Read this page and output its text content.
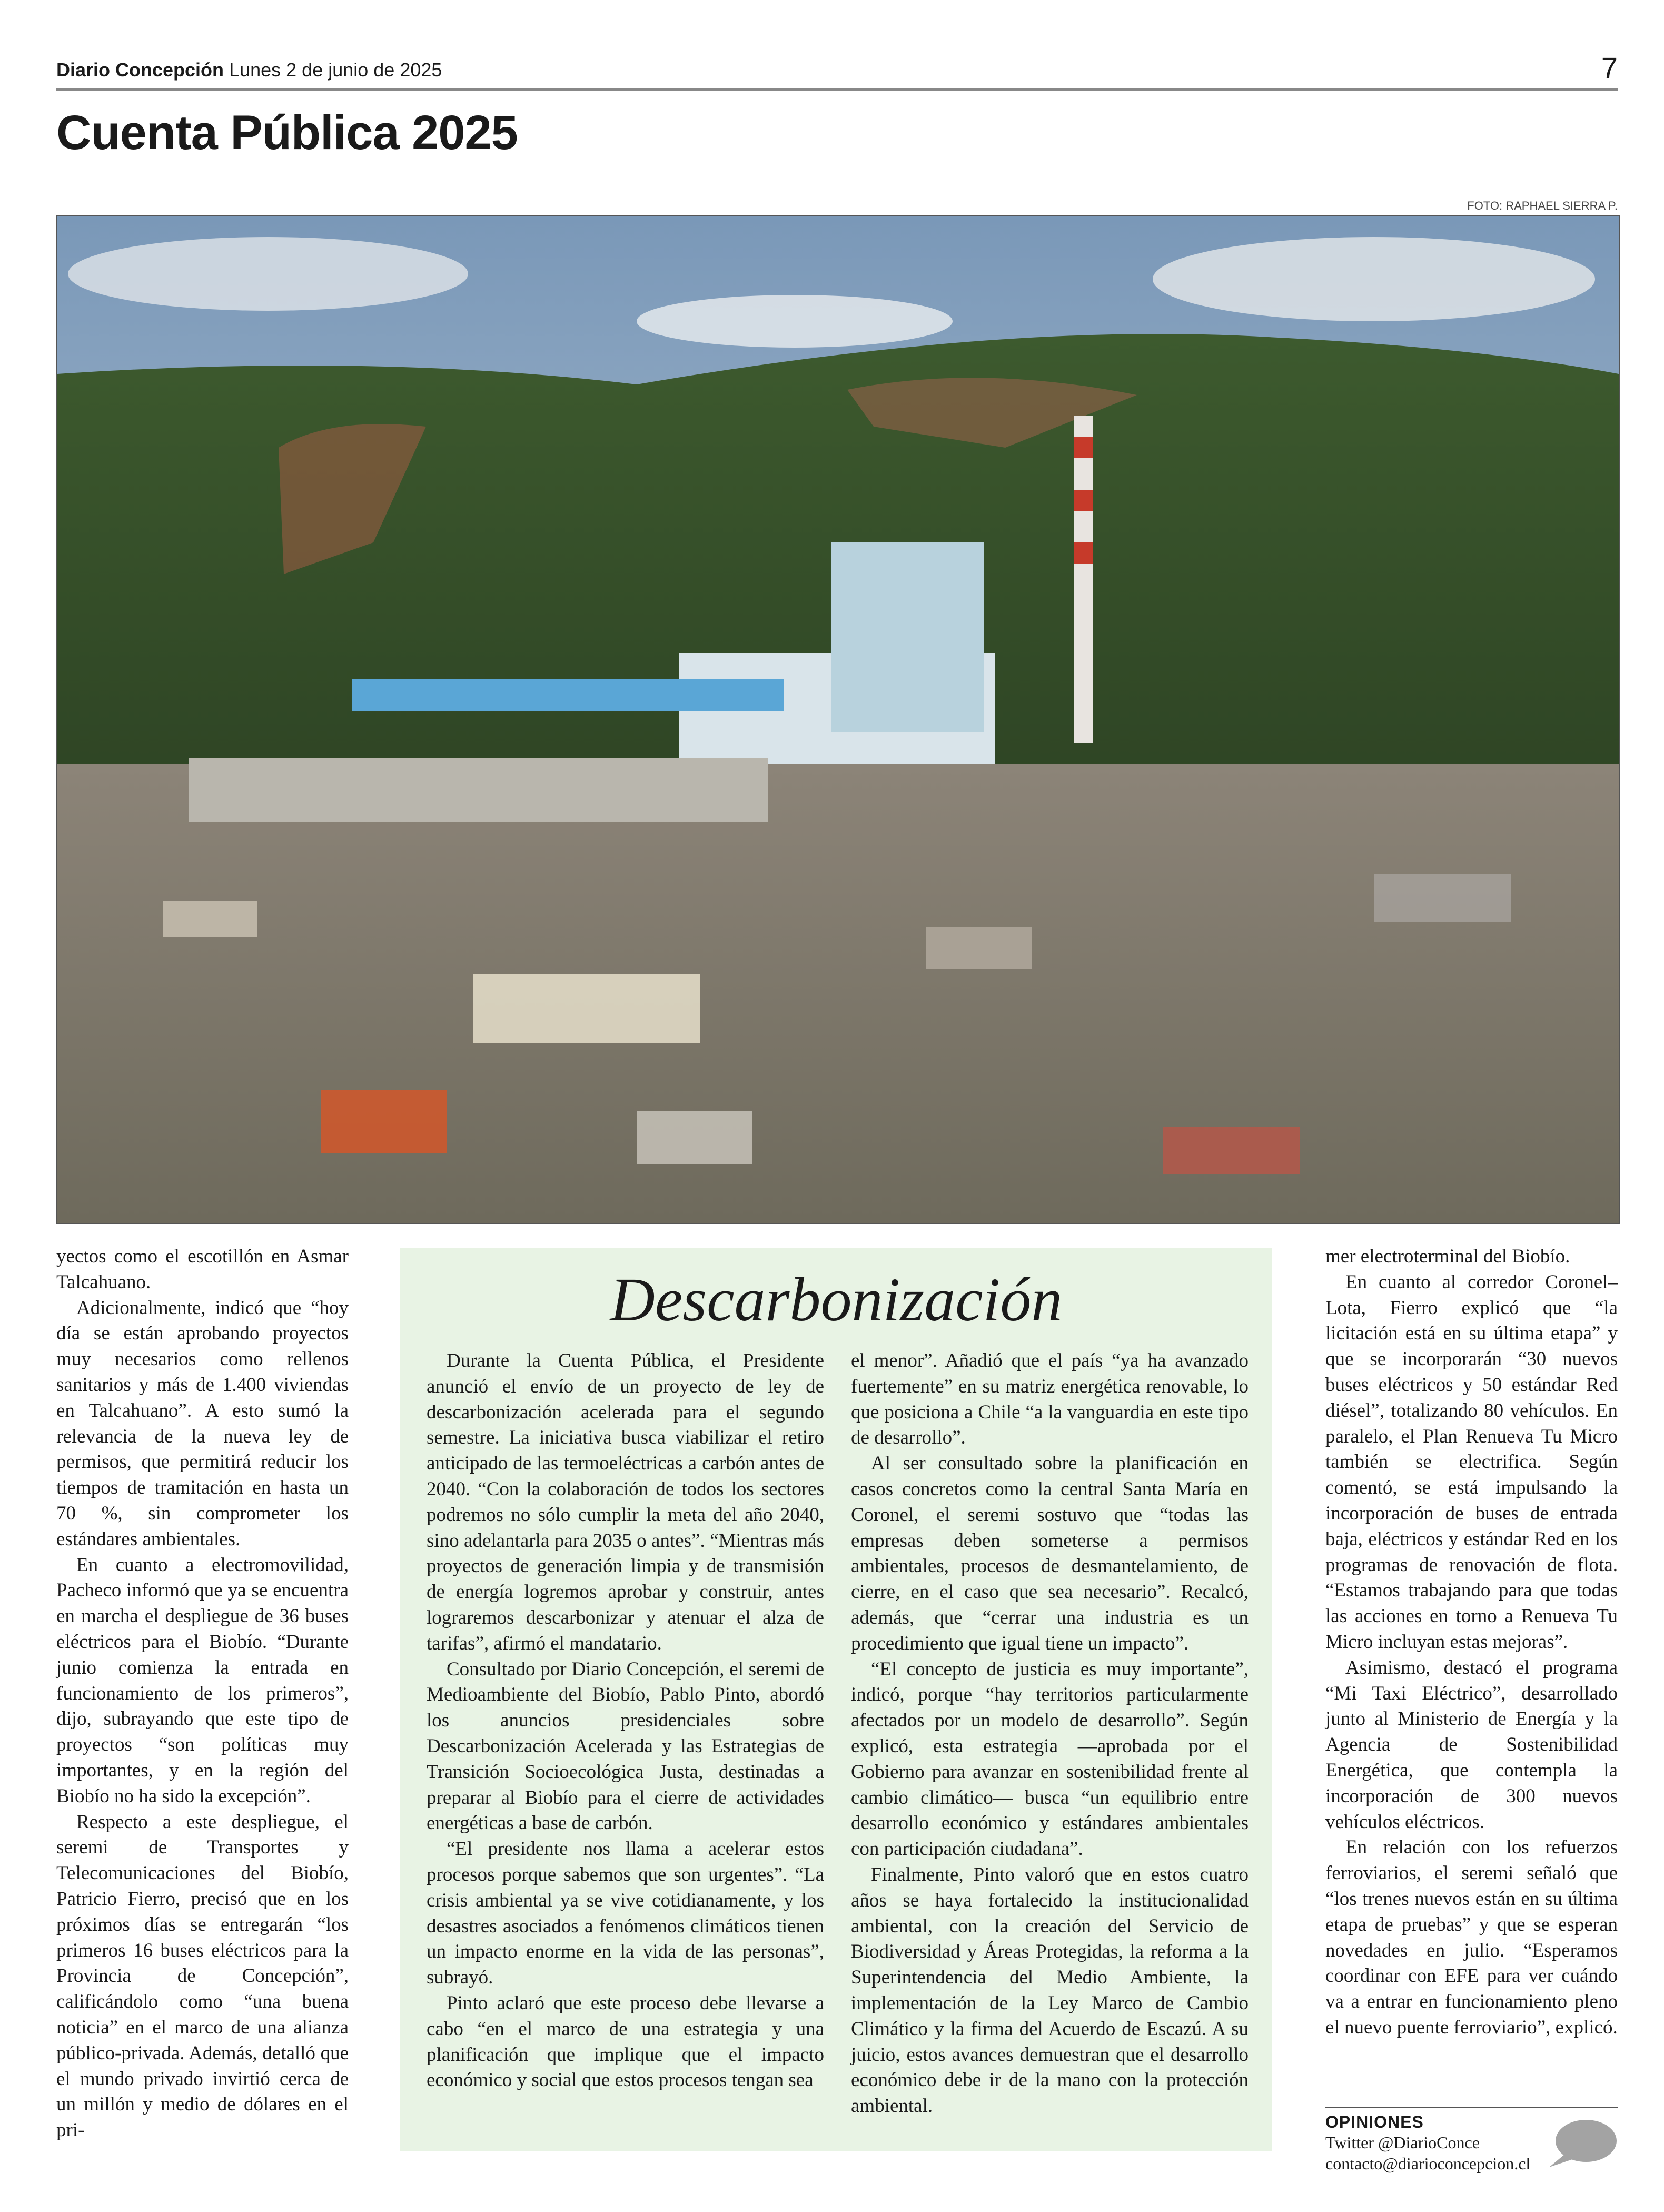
Diario Concepción Lunes 2 de junio de 2025	7
Cuenta Pública 2025
FOTO: RAPHAEL SIERRA P.

yectos como el escotillón en Asmar Talcahuano.

Adicionalmente, indicó que “hoy día se están aprobando proyectos muy necesarios como rellenos sanitarios y más de 1.400 viviendas en Talcahuano”. A esto sumó la relevancia de la nueva ley de permisos, que permitirá reducir los tiempos de tramitación en hasta un 70 %, sin comprometer los estándares ambientales.

En cuanto a electromovilidad, Pacheco informó que ya se encuentra en marcha el despliegue de 36 buses eléctricos para el Biobío. “Durante junio comienza la entrada en funcionamiento de los primeros”, dijo, subrayando que este tipo de proyectos “son políticas muy importantes, y en la región del Biobío no ha sido la excepción”.

Respecto a este despliegue, el seremi de Transportes y Telecomunicaciones del Biobío, Patricio Fierro, precisó que en los próximos días se entregarán “los primeros 16 buses eléctricos para la Provincia de Concepción”, calificándolo como “una buena noticia” en el marco de una alianza público-privada. Además, detalló que el mundo privado invirtió cerca de un millón y medio de dólares en el pri-

Descarbonización

Durante la Cuenta Pública, el Presidente anunció el envío de un proyecto de ley de descarbonización acelerada para el segundo semestre. La iniciativa busca viabilizar el retiro anticipado de las termoeléctricas a carbón antes de 2040. “Con la colaboración de todos los sectores podremos no sólo cumplir la meta del año 2040, sino adelantarla para 2035 o antes”. “Mientras más proyectos de generación limpia y de transmisión de energía logremos aprobar y construir, antes lograremos descarbonizar y atenuar el alza de tarifas”, afirmó el mandatario.

Consultado por Diario Concepción, el seremi de Medioambiente del Biobío, Pablo Pinto, abordó los anuncios presidenciales sobre Descarbonización Acelerada y las Estrategias de Transición Socioecológica Justa, destinadas a preparar al Biobío para el cierre de actividades energéticas a base de carbón.

“El presidente nos llama a acelerar estos procesos porque sabemos que son urgentes”. “La crisis ambiental ya se vive cotidianamente, y los desastres asociados a fenómenos climáticos tienen un impacto enorme en la vida de las personas”, subrayó.

Pinto aclaró que este proceso debe llevarse a cabo “en el marco de una estrategia y una planificación que implique que el impacto económico y social que estos procesos tengan sea

el menor”. Añadió que el país “ya ha avanzado fuertemente” en su matriz energética renovable, lo que posiciona a Chile “a la vanguardia en este tipo de desarrollo”.

Al ser consultado sobre la planificación en casos concretos como la central Santa María en Coronel, el seremi sostuvo que “todas las empresas deben someterse a permisos ambientales, procesos de desmantelamiento, de cierre, en el caso que sea necesario”. Recalcó, además, que “cerrar una industria es un procedimiento que igual tiene un impacto”.

“El concepto de justicia es muy importante”, indicó, porque “hay territorios particularmente afectados por un modelo de desarrollo”. Según explicó, esta estrategia —aprobada por el Gobierno para avanzar en sostenibilidad frente al cambio climático— busca “un equilibrio entre desarrollo económico y estándares ambientales con participación ciudadana”.

Finalmente, Pinto valoró que en estos cuatro años se haya fortalecido la institucionalidad ambiental, con la creación del Servicio de Biodiversidad y Áreas Protegidas, la reforma a la Superintendencia del Medio Ambiente, la implementación de la Ley Marco de Cambio Climático y la firma del Acuerdo de Escazú. A su juicio, estos avances demuestran que el desarrollo económico debe ir de la mano con la protección ambiental.

mer electroterminal del Biobío.

En cuanto al corredor Coronel–Lota, Fierro explicó que “la licitación está en su última etapa” y que se incorporarán “30 nuevos buses eléctricos y 50 estándar Red diésel”, totalizando 80 vehículos. En paralelo, el Plan Renueva Tu Micro también se electrifica. Según comentó, se está impulsando la incorporación de buses de entrada baja, eléctricos y estándar Red en los programas de renovación de flota. “Estamos trabajando para que todas las acciones en torno a Renueva Tu Micro incluyan estas mejoras”.

Asimismo, destacó el programa “Mi Taxi Eléctrico”, desarrollado junto al Ministerio de Energía y la Agencia de Sostenibilidad Energética, que contempla la incorporación de 300 nuevos vehículos eléctricos.

En relación con los refuerzos ferroviarios, el seremi señaló que “los trenes nuevos están en su última etapa de pruebas” y que se esperan novedades en julio. “Esperamos coordinar con EFE para ver cuándo va a entrar en funcionamiento pleno el nuevo puente ferroviario”, explicó.

OPINIONES
Twitter @DiarioConce
contacto@diarioconcepcion.cl
